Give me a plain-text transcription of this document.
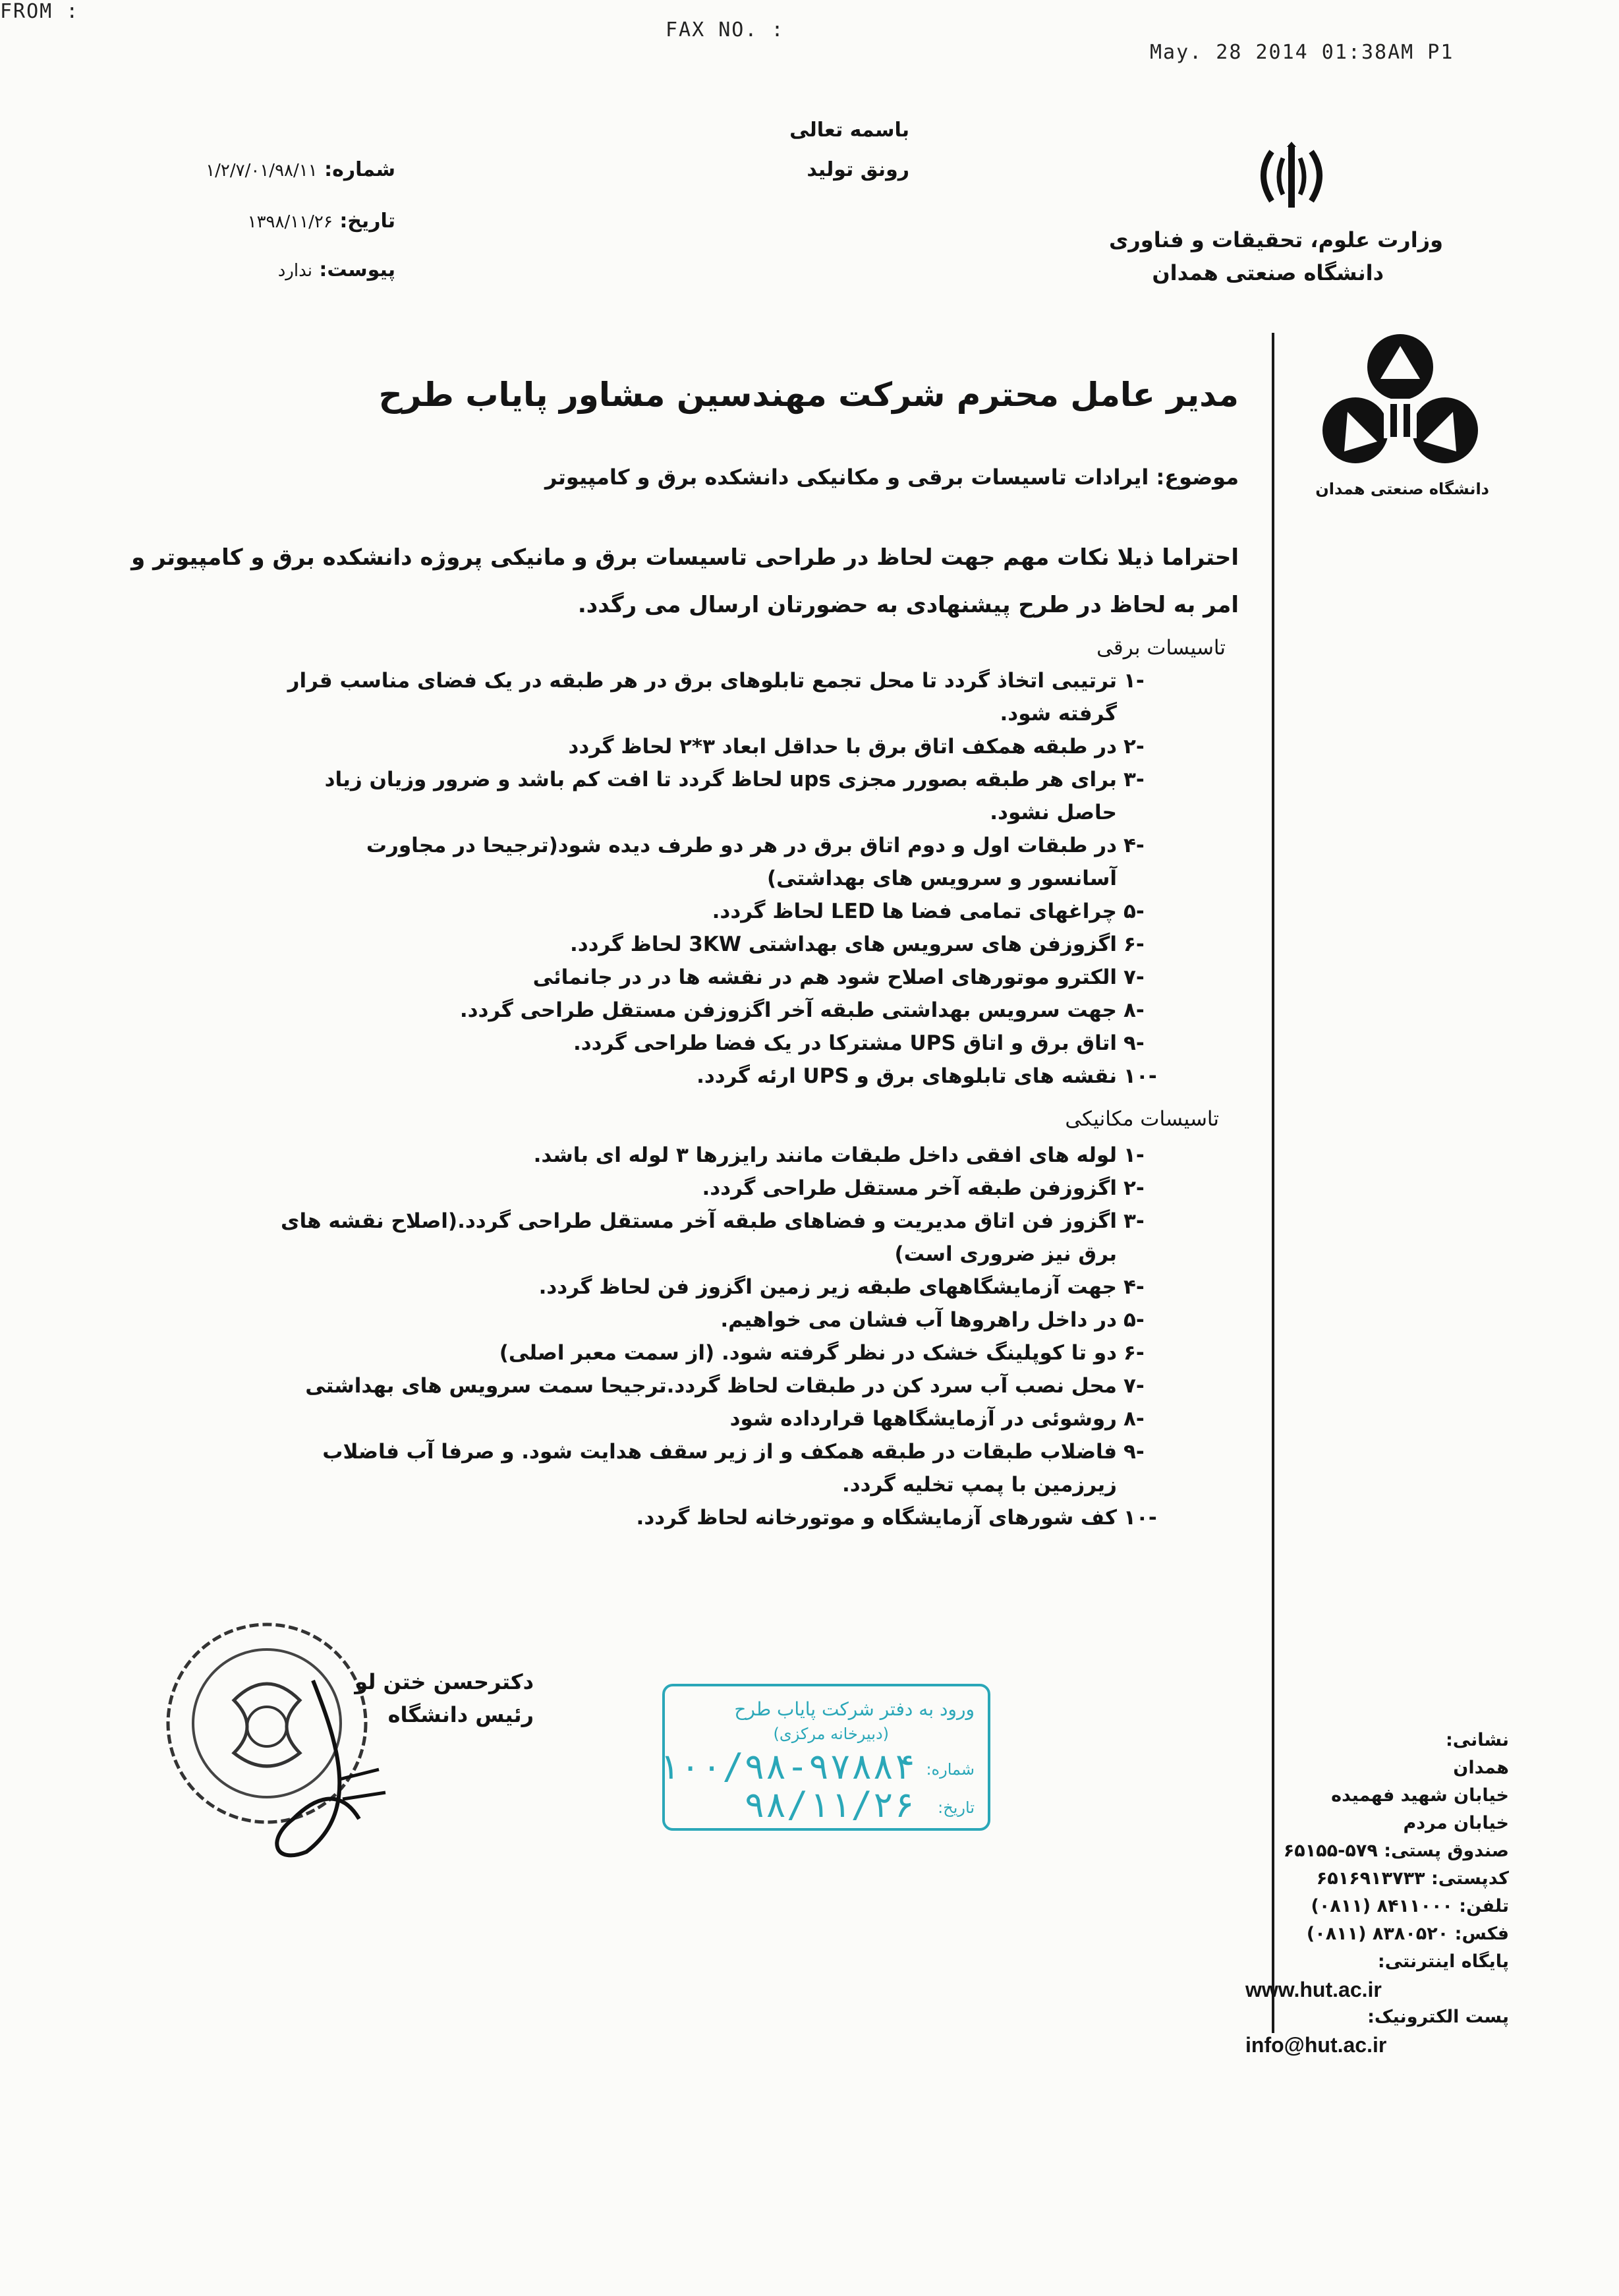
FROM :
FAX NO. :
May. 28 2014 01:38AM P1
باسمه تعالی
رونق تولید
وزارت علوم، تحقیقات و فناوری
دانشگاه صنعتی همدان
دانشگاه صنعتی همدان
شماره: ۱/۲/۷/۰۱/۹۸/۱۱
تاریخ: ۱۳۹۸/۱۱/۲۶
پیوست: ندارد
مدیر عامل محترم شرکت مهندسین مشاور پایاب طرح
موضوع: ایرادات تاسیسات برقی و مکانیکی دانشکده برق و کامپیوتر
احتراما ذیلا نکات مهم جهت لحاظ در طراحی تاسیسات برق و مانیکی پروژه دانشکده برق و کامپیوتر و امر به لحاظ در طرح پیشنهادی به حضورتان ارسال می رگدد.
تاسیسات برقی
-۱
ترتیبی اتخاذ گردد تا محل تجمع تابلوهای برق در هر طبقه در یک فضای مناسب قرار گرفته شود.
-۲
در طبقه همکف اتاق برق با حداقل ابعاد ۳*۲ لحاظ گردد
-۳
برای هر طبقه بصورر مجزی ups لحاظ گردد تا افت کم باشد و ضرور وزیان زیاد حاصل نشود.
-۴
در طبقات اول و دوم اتاق برق در هر دو طرف دیده شود(ترجیحا در مجاورت آسانسور و سرویس های بهداشتی)
-۵
چراغهای تمامی فضا ها LED لحاظ گردد.
-۶
اگزوزفن های سرویس های بهداشتی 3KW لحاظ گردد.
-۷
الکترو موتورهای اصلاح شود هم در نقشه ها در در جانمائی
-۸
جهت سرویس بهداشتی طبقه آخر اگزوزفن مستقل طراحی گردد.
-۹
اتاق برق و اتاق UPS مشترکا در یک فضا طراحی گردد.
-۱۰
نقشه های تابلوهای برق و UPS ارئه گردد.
تاسیسات مکانیکی
-۱
لوله های افقی داخل طبقات مانند رایزرها ۳ لوله ای باشد.
-۲
اگزوزفن طبقه آخر مستقل طراحی گردد.
-۳
اگزوز فن اتاق مدیریت و فضاهای طبقه آخر مستقل طراحی گردد.(اصلاح نقشه های برق نیز ضروری است)
-۴
جهت آزمایشگاههای طبقه زیر زمین اگزوز فن لحاظ گردد.
-۵
در داخل راهروها آب فشان می خواهیم.
-۶
دو تا کوپلینگ خشک در نظر گرفته شود. (از سمت معبر اصلی)
-۷
محل نصب آب سرد کن در طبقات لحاظ گردد.ترجیحا سمت سرویس های بهداشتی
-۸
روشوئی در آزمایشگاهها قرارداده شود
-۹
فاضلاب طبقات در طبقه همکف و از زیر سقف هدایت شود. و صرفا آب فاضلاب زیرزمین با پمپ تخلیه گردد.
-۱۰
کف شورهای آزمایشگاه و موتورخانه لحاظ گردد.
دکترحسن ختن لو
رئیس دانشگاه	ورود به دفتر شرکت پایاب طرح
(دبیرخانه مرکزی)
شماره:
۱۰۰/۹۸-۹۷۸۸۴
تاریخ:
۹۸/۱۱/۲۶
نشانی:
همدان
خیابان شهید فهمیده
خیابان مردم
صندوق پستی: ۵۷۹-۶۵۱۵۵
کدپستی: ۶۵۱۶۹۱۳۷۳۳
تلفن: ۸۴۱۱۰۰۰ (۰۸۱۱)
فکس: ۸۳۸۰۵۲۰ (۰۸۱۱)
پایگاه اینترنتی:
www.hut.ac.ir
پست الکترونیک:
info@hut.ac.ir
